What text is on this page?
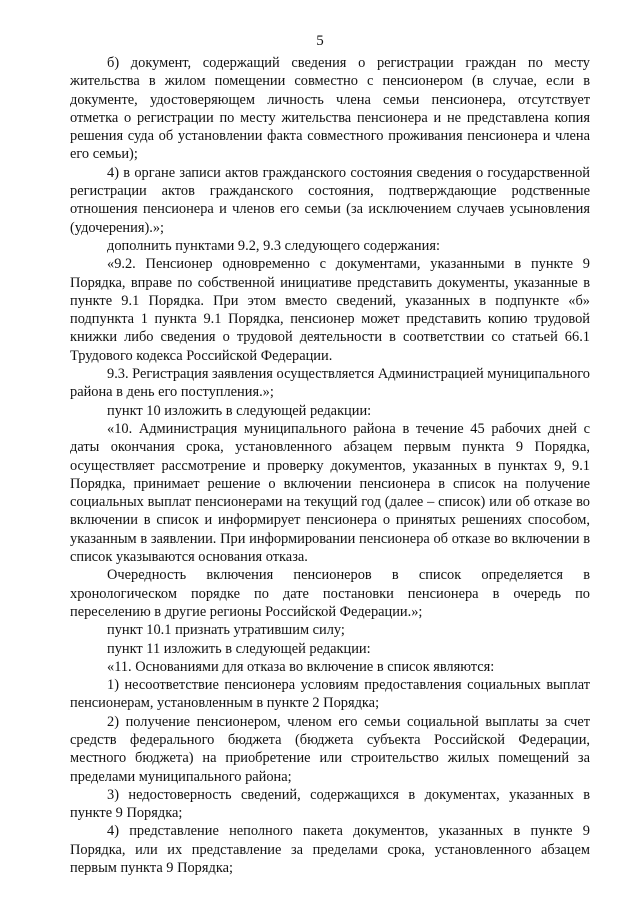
5

б) документ, содержащий сведения о регистрации граждан по месту жительства в жилом помещении совместно с пенсионером (в случае, если в документе, удостоверяющем личность члена семьи пенсионера, отсутствует отметка о регистрации по месту жительства пенсионера и не представлена копия решения суда об установлении факта совместного проживания пенсионера и члена его семьи);

4) в органе записи актов гражданского состояния сведения о государственной регистрации актов гражданского состояния, подтверждающие родственные отношения пенсионера и членов его семьи (за исключением случаев усыновления (удочерения).»;

дополнить пунктами 9.2, 9.3 следующего содержания:

«9.2. Пенсионер одновременно с документами, указанными в пункте 9 Порядка, вправе по собственной инициативе представить документы, указанные в пункте 9.1 Порядка. При этом вместо сведений, указанных в подпункте «б» подпункта 1 пункта 9.1 Порядка, пенсионер может представить копию трудовой книжки либо сведения о трудовой деятельности в соответствии со статьей 66.1 Трудового кодекса Российской Федерации.

9.3. Регистрация заявления осуществляется Администрацией муниципального района в день его поступления.»;

пункт 10 изложить в следующей редакции:

«10. Администрация муниципального района в течение 45 рабочих дней с даты окончания срока, установленного абзацем первым пункта 9 Порядка, осуществляет рассмотрение и проверку документов, указанных в пунктах 9, 9.1 Порядка, принимает решение о включении пенсионера в список на получение социальных выплат пенсионерами на текущий год (далее – список) или об отказе во включении в список и информирует пенсионера о принятых решениях способом, указанным в заявлении. При информировании пенсионера об отказе во включении в список указываются основания отказа.

Очередность включения пенсионеров в список определяется в хронологическом порядке по дате постановки пенсионера в очередь по переселению в другие регионы Российской Федерации.»;

пункт 10.1 признать утратившим силу;

пункт 11 изложить в следующей редакции:

«11. Основаниями для отказа во включение в список являются:

1) несоответствие пенсионера условиям предоставления социальных выплат пенсионерам, установленным в пункте 2 Порядка;

2) получение пенсионером, членом его семьи социальной выплаты за счет средств федерального бюджета (бюджета субъекта Российской Федерации, местного бюджета) на приобретение или строительство жилых помещений за пределами муниципального района;

3) недостоверность сведений, содержащихся в документах, указанных в пункте 9 Порядка;

4) представление неполного пакета документов, указанных в пункте 9 Порядка, или их представление за пределами срока, установленного абзацем первым пункта 9 Порядка;
